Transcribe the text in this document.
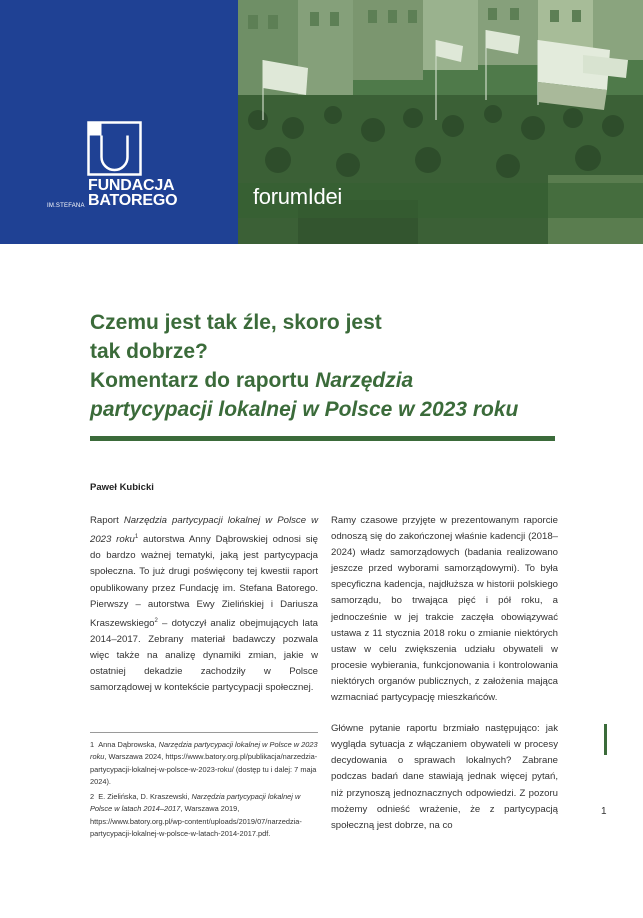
IM.STEFANA
FUNDACJA
BATOREGO	forumIdei
Czemu jest tak źle, skoro jest
tak dobrze?
Komentarz do raportu Narzędzia
partycypacji lokalnej w Polsce w 2023 roku
Paweł Kubicki

Raport Narzędzia partycypacji lokalnej w Polsce w 2023 roku$^1$ autorstwa Anny Dąbrowskiej odnosi się do bardzo ważnej tematyki, jaką jest partycypacja społeczna. To już drugi poświęcony tej kwestii raport opublikowany przez Fundację im. Stefana Batorego. Pierwszy – autorstwa Ewy Zielińskiej i Dariusza Kraszewskiego$^2$ – dotyczył analiz obejmujących lata 2014–2017. Zebrany materiał badawczy pozwala więc także na analizę dynamiki zmian, jakie w ostatniej dekadzie zachodziły w Polsce samorządowej w kontekście partycypacji społecznej.

Ramy czasowe przyjęte w prezentowanym raporcie odnoszą się do zakończonej właśnie kadencji (2018–2024) władz samorządowych (badania realizowano jeszcze przed wyborami samorządowymi). To była specyficzna kadencja, najdłuższa w historii polskiego samorządu, bo trwająca pięć i pół roku, a jednocześnie w jej trakcie zaczęła obowiązywać ustawa z 11 stycznia 2018 roku o zmianie niektórych ustaw w celu zwiększenia udziału obywateli w procesie wybierania, funkcjonowania i kontrolowania niektórych organów publicznych, z założenia mająca wzmacniać partycypację mieszkańców.

Główne pytanie raportu brzmiało następująco: jak wygląda sytuacja z włączaniem obywateli w procesy decydowania o sprawach lokalnych? Zabrane podczas badań dane stawiają jednak więcej pytań, niż przynoszą jednoznacznych odpowiedzi. Z pozoru możemy odnieść wrażenie, że z partycypacją społeczną jest dobrze, na co

1 Anna Dąbrowska, Narzędzia partycypacji lokalnej w Polsce w 2023 roku, Warszawa 2024, https://www.batory.org.pl/publikacja/narzedzia-partycypacji-lokalnej-w-polsce-w-2023-roku/ (dostęp tu i dalej: 7 maja 2024).

2 E. Zielińska, D. Kraszewski, Narzędzia partycypacji lokalnej w Polsce w latach 2014–2017, Warszawa 2019, https://www.batory.org.pl/wp-content/uploads/2019/07/narzedzia-partycypacji-lokalnej-w-polsce-w-latach-2014-2017.pdf.

1
